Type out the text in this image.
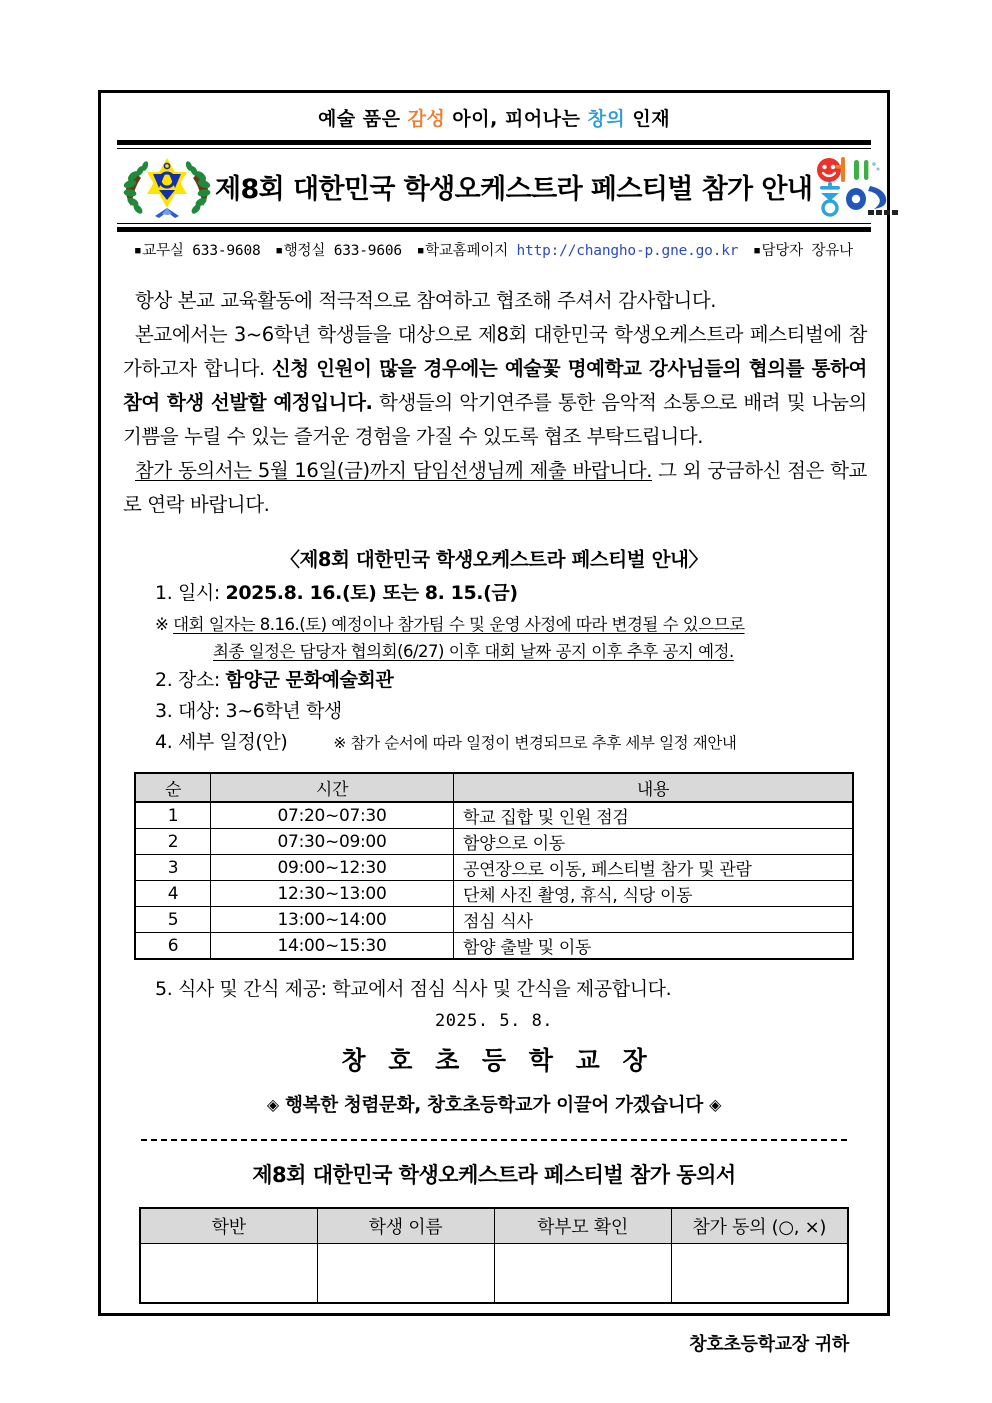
예술 품은 감성 아이, 피어나는 창의 인재
제8회 대한민국 학생오케스트라 페스티벌 참가 안내
■ 교무실 633-9608 ■ 행정실 633-9606 ■ 학교홈페이지 http://changho-p.gne.go.kr ■ 담당자 장유나

항상 본교 교육활동에 적극적으로 참여하고 협조해 주셔서 감사합니다.

본교에서는 3~6학년 학생들을 대상으로 제8회 대한민국 학생오케스트라 페스티벌에 참가하고자 합니다. 신청 인원이 많을 경우에는 예술꽃 명예학교 강사님들의 협의를 통하여 참여 학생 선발할 예정입니다. 학생들의 악기연주를 통한 음악적 소통으로 배려 및 나눔의 기쁨을 누릴 수 있는 즐거운 경험을 가질 수 있도록 협조 부탁드립니다.

참가 동의서는 5월 16일(금)까지 담임선생님께 제출 바랍니다. 그 외 궁금하신 점은 학교로 연락 바랍니다.

〈제8회 대한민국 학생오케스트라 페스티벌 안내〉
1. 일시: 2025.8. 16.(토) 또는 8. 15.(금)
※ 대회 일자는 8.16.(토) 예정이나 참가팀 수 및 운영 사정에 따라 변경될 수 있으므로
최종 일정은 담당자 협의회(6/27) 이후 대회 날짜 공지 이후 추후 공지 예정.
2. 장소: 함양군 문화예술회관
3. 대상: 3~6학년 학생
4. 세부 일정(안)	※ 참가 순서에 따라 일정이 변경되므로 추후 세부 일정 재안내
순	시간	내용
1	07:20~07:30	학교 집합 및 인원 점검
2	07:30~09:00	함양으로 이동
3	09:00~12:30	공연장으로 이동, 페스티벌 참가 및 관람
4	12:30~13:00	단체 사진 촬영, 휴식, 식당 이동
5	13:00~14:00	점심 식사
6	14:00~15:30	함양 출발 및 이동
5. 식사 및 간식 제공: 학교에서 점심 식사 및 간식을 제공합니다.
2025. 5. 8.
창 호 초 등 학 교 장
◈ 행복한 청렴문화, 창호초등학교가 이끌어 가겠습니다 ◈
제8회 대한민국 학생오케스트라 페스티벌 참가 동의서
학반	학생 이름	학부모 확인	참가 동의 (○, ×)

창호초등학교장 귀하
